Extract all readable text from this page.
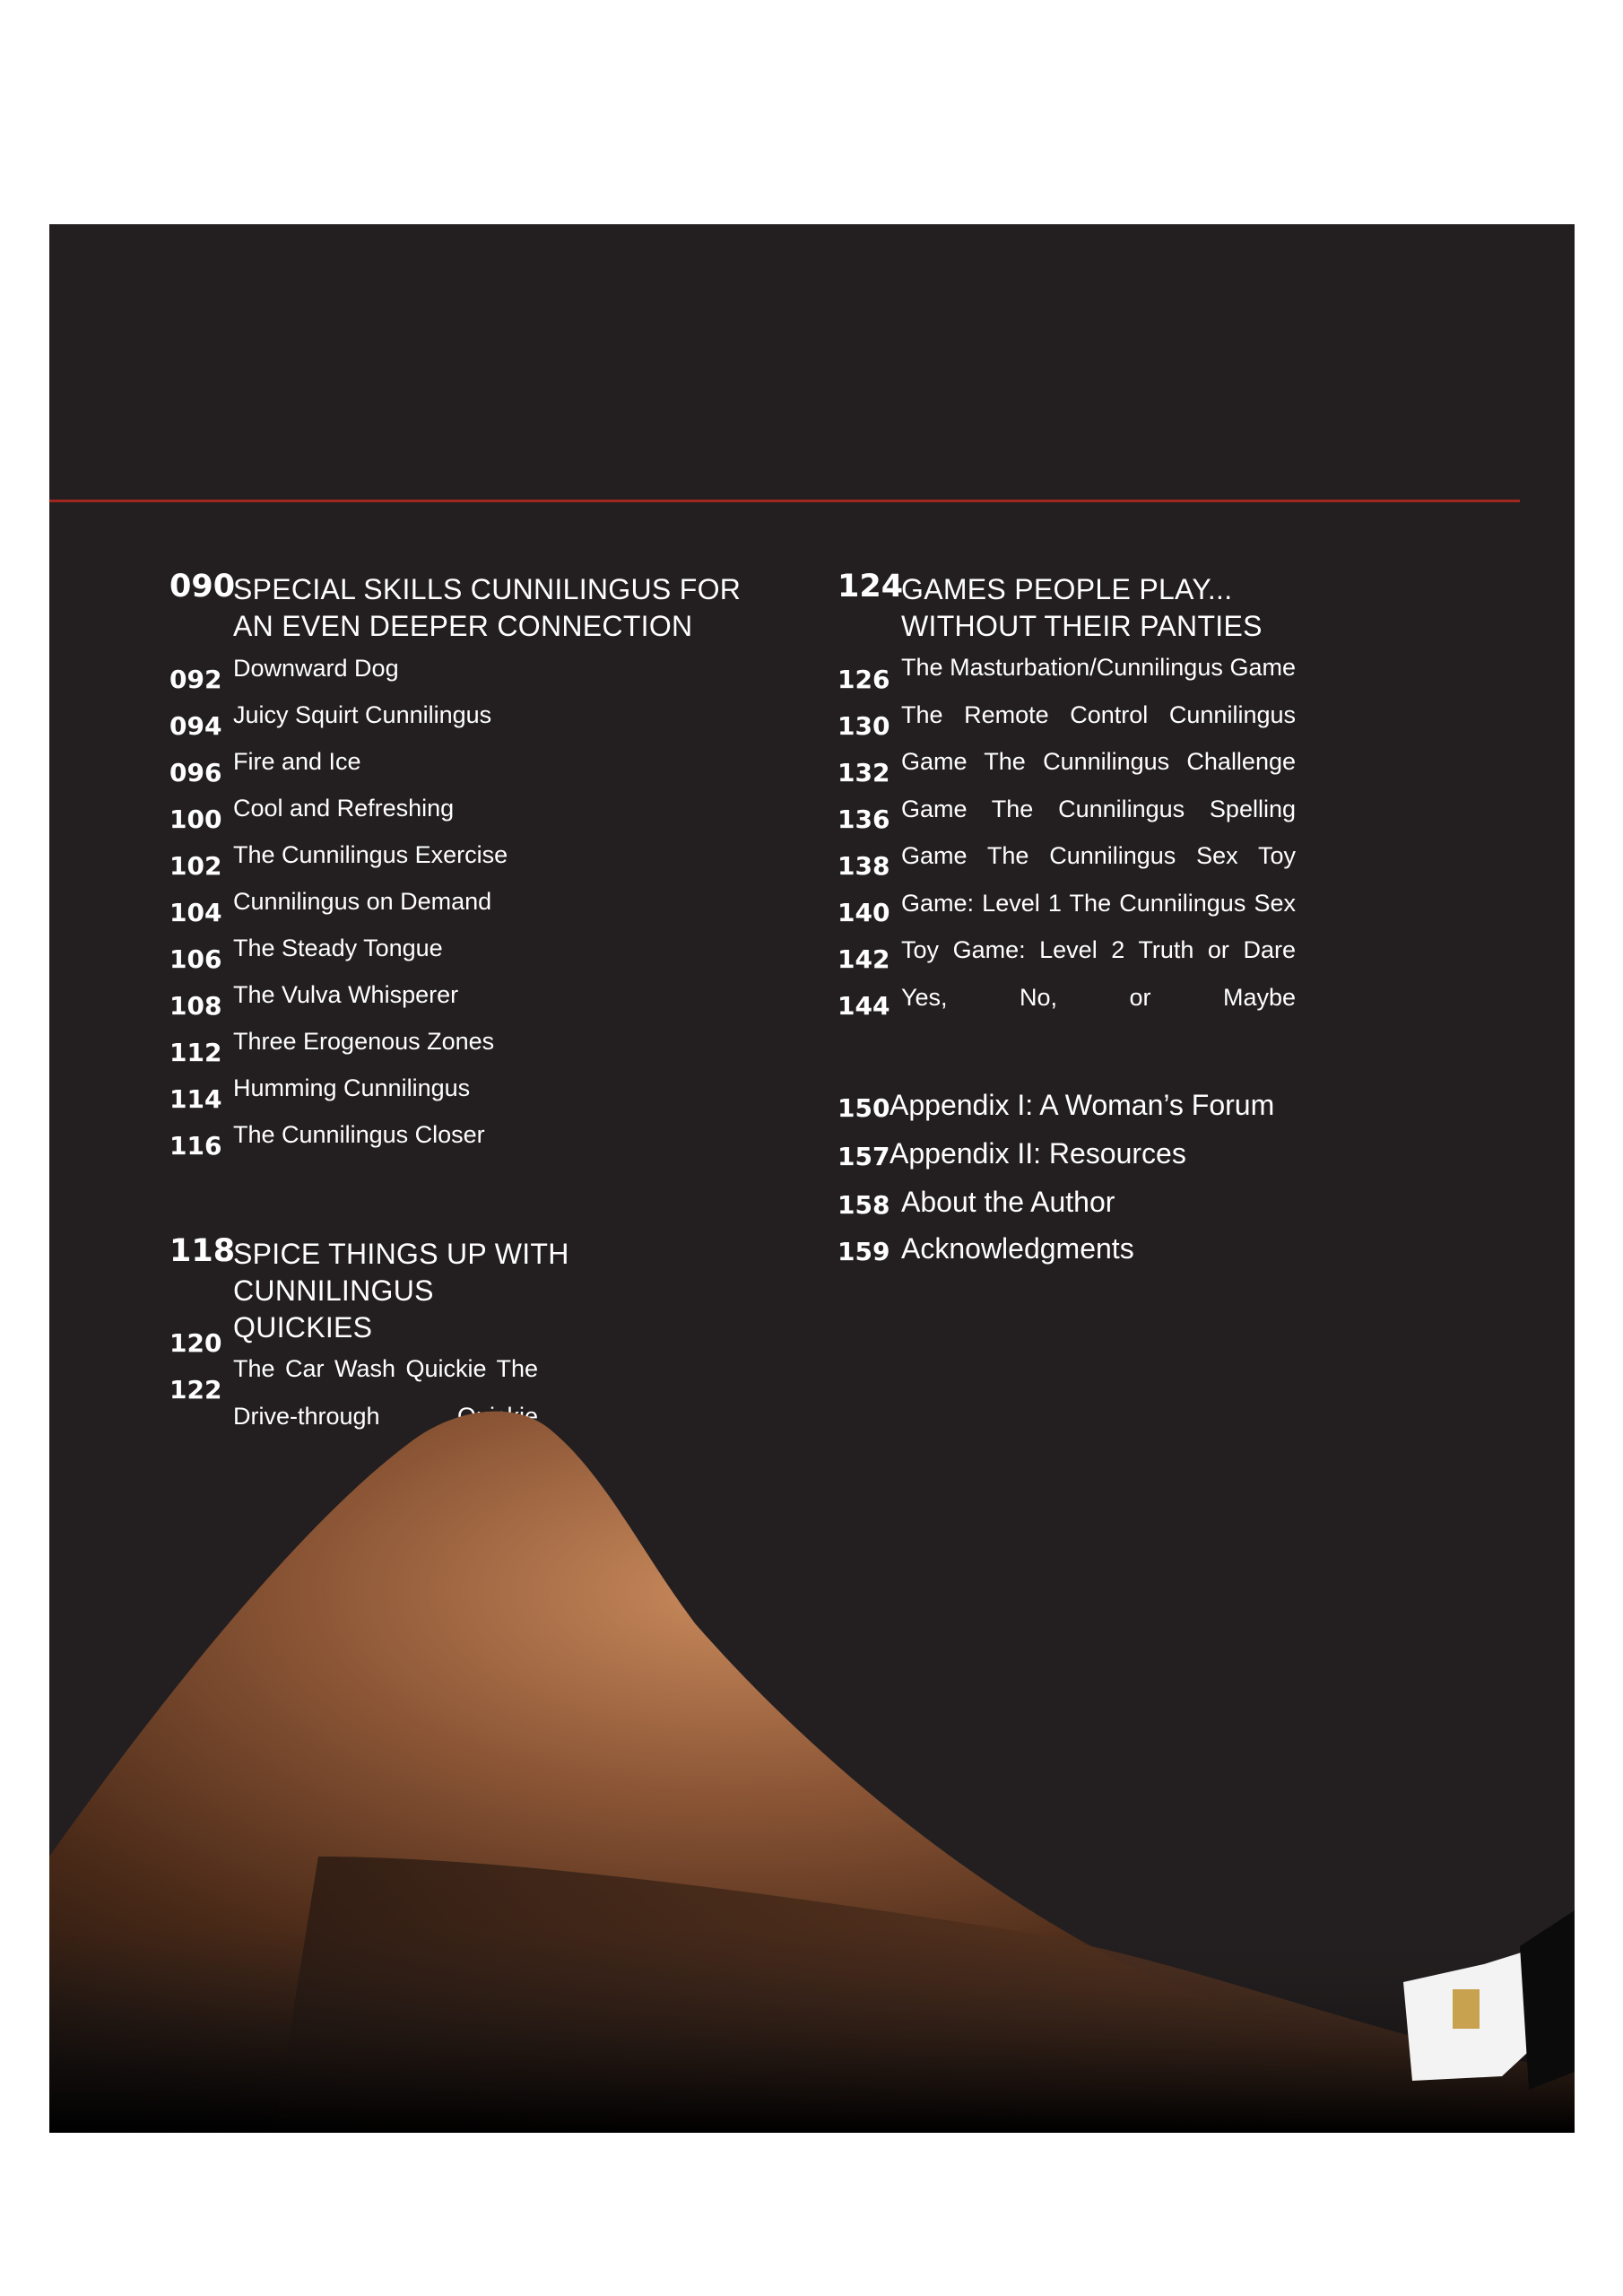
090
SPECIAL SKILLS CUNNILINGUS FOR
AN EVEN DEEPER CONNECTION
092 Downward Dog
094 Juicy Squirt Cunnilingus
096 Fire and Ice
100 Cool and Refreshing
102 The Cunnilingus Exercise
104 Cunnilingus on Demand
106 The Steady Tongue
108 The Vulva Whisperer
112 Three Erogenous Zones
114 Humming Cunnilingus
116 The Cunnilingus Closer
118
SPICE THINGS UP WITH
CUNNILINGUS
QUICKIES
120
122
The Car Wash Quickie The Drive-through Quickie
124
GAMES PEOPLE PLAY...
WITHOUT THEIR PANTIES
126
130
132
136
138
140
142
144
The Masturbation/Cunnilingus Game The Remote Control Cunnilingus Game The Cunnilingus Challenge Game The Cunnilingus Spelling Game The Cunnilingus Sex Toy Game: Level 1 The Cunnilingus Sex Toy Game: Level 2 Truth or Dare Yes, No, or Maybe
150 Appendix I: A Woman’s Forum
157 Appendix II: Resources
158 About the Author
159 Acknowledgments
